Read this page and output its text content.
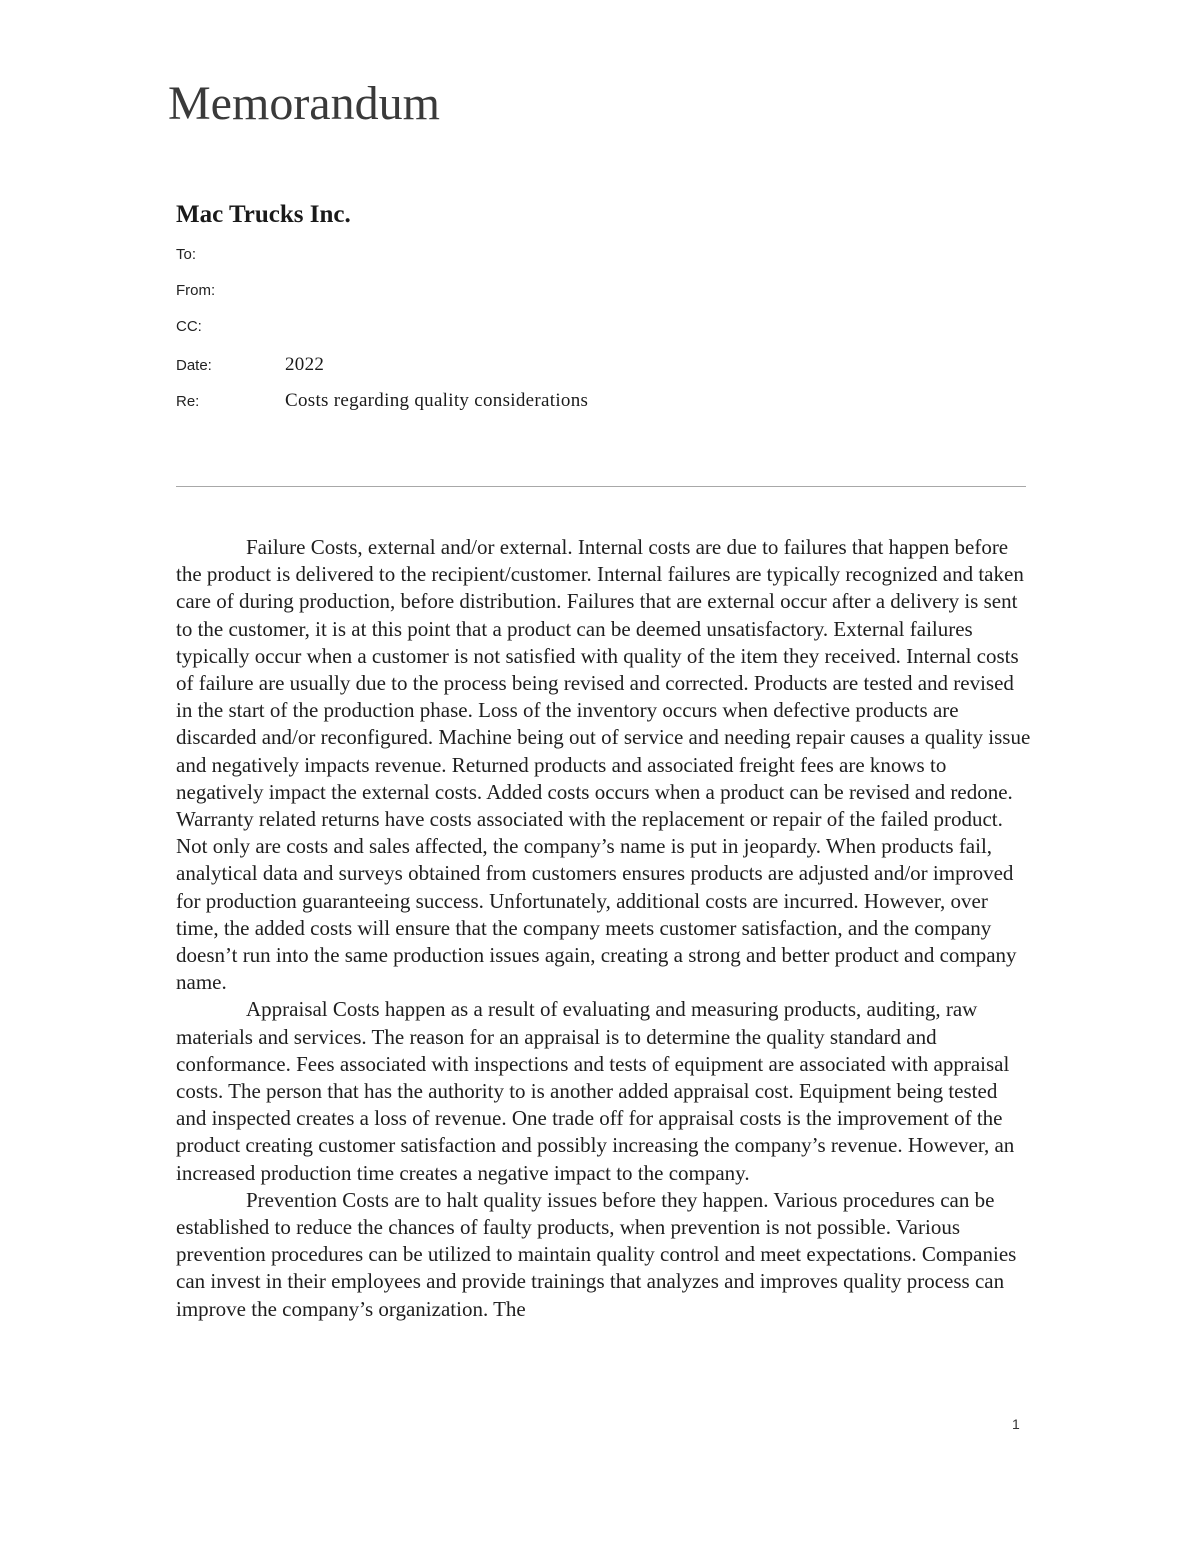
Memorandum
Mac Trucks Inc.
To:
From:
CC:
Date:	2022
Re:	Costs regarding quality considerations

Failure Costs, external and/or external. Internal costs are due to failures that happen before the product is delivered to the recipient/customer. Internal failures are typically recognized and taken care of during production, before distribution. Failures that are external occur after a delivery is sent to the customer, it is at this point that a product can be deemed unsatisfactory. External failures typically occur when a customer is not satisfied with quality of the item they received. Internal costs of failure are usually due to the process being revised and corrected. Products are tested and revised in the start of the production phase. Loss of the inventory occurs when defective products are discarded and/or reconfigured. Machine being out of service and needing repair causes a quality issue and negatively impacts revenue. Returned products and associated freight fees are knows to negatively impact the external costs. Added costs occurs when a product can be revised and redone. Warranty related returns have costs associated with the replacement or repair of the failed product. Not only are costs and sales affected, the company’s name is put in jeopardy. When products fail, analytical data and surveys obtained from customers ensures products are adjusted and/or improved for production guaranteeing success. Unfortunately, additional costs are incurred. However, over time, the added costs will ensure that the company meets customer satisfaction, and the company doesn’t run into the same production issues again, creating a strong and better product and company name.

Appraisal Costs happen as a result of evaluating and measuring products, auditing, raw materials and services. The reason for an appraisal is to determine the quality standard and conformance. Fees associated with inspections and tests of equipment are associated with appraisal costs. The person that has the authority to is another added appraisal cost. Equipment being tested and inspected creates a loss of revenue. One trade off for appraisal costs is the improvement of the product creating customer satisfaction and possibly increasing the company’s revenue. However, an increased production time creates a negative impact to the company.

Prevention Costs are to halt quality issues before they happen. Various procedures can be established to reduce the chances of faulty products, when prevention is not possible. Various prevention procedures can be utilized to maintain quality control and meet expectations. Companies can invest in their employees and provide trainings that analyzes and improves quality process can improve the company’s organization. The

1
